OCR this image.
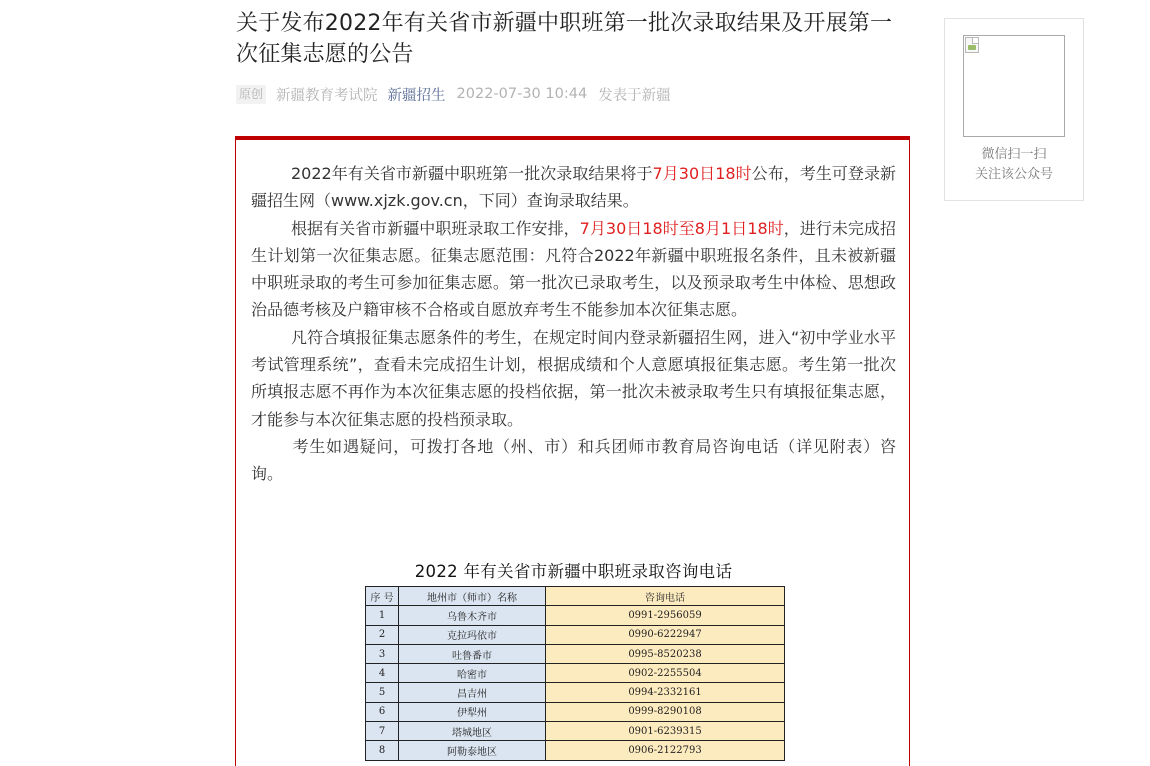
关于发布2022年有关省市新疆中职班第一批次录取结果及开展第一次征集志愿的公告
原创 新疆教育考试院 新疆招生 2022-07-30 10:44 发表于新疆

2022年有关省市新疆中职班第一批次录取结果将于7月30日18时公布，考生可登录新疆招生网（www.xjzk.gov.cn，下同）查询录取结果。

根据有关省市新疆中职班录取工作安排，7月30日18时至8月1日18时，进行未完成招生计划第一次征集志愿。征集志愿范围：凡符合2022年新疆中职班报名条件，且未被新疆中职班录取的考生可参加征集志愿。第一批次已录取考生，以及预录取考生中体检、思想政治品德考核及户籍审核不合格或自愿放弃考生不能参加本次征集志愿。

凡符合填报征集志愿条件的考生，在规定时间内登录新疆招生网，进入“初中学业水平考试管理系统”，查看未完成招生计划，根据成绩和个人意愿填报征集志愿。考生第一批次所填报志愿不再作为本次征集志愿的投档依据，第一批次未被录取考生只有填报征集志愿，才能参与本次征集志愿的投档预录取。

考生如遇疑问，可拨打各地（州、市）和兵团师市教育局咨询电话（详见附表）咨询。

2022 年有关省市新疆中职班录取咨询电话
序 号	地州市（师市）名称	咨询电话
1	乌鲁木齐市	0991-2956059
2	克拉玛依市	0990-6222947
3	吐鲁番市	0995-8520238
4	哈密市	0902-2255504
5	昌吉州	0994-2332161
6	伊犁州	0999-8290108
7	塔城地区	0901-6239315
8	阿勒泰地区	0906-2122793
微信扫一扫
关注该公众号
